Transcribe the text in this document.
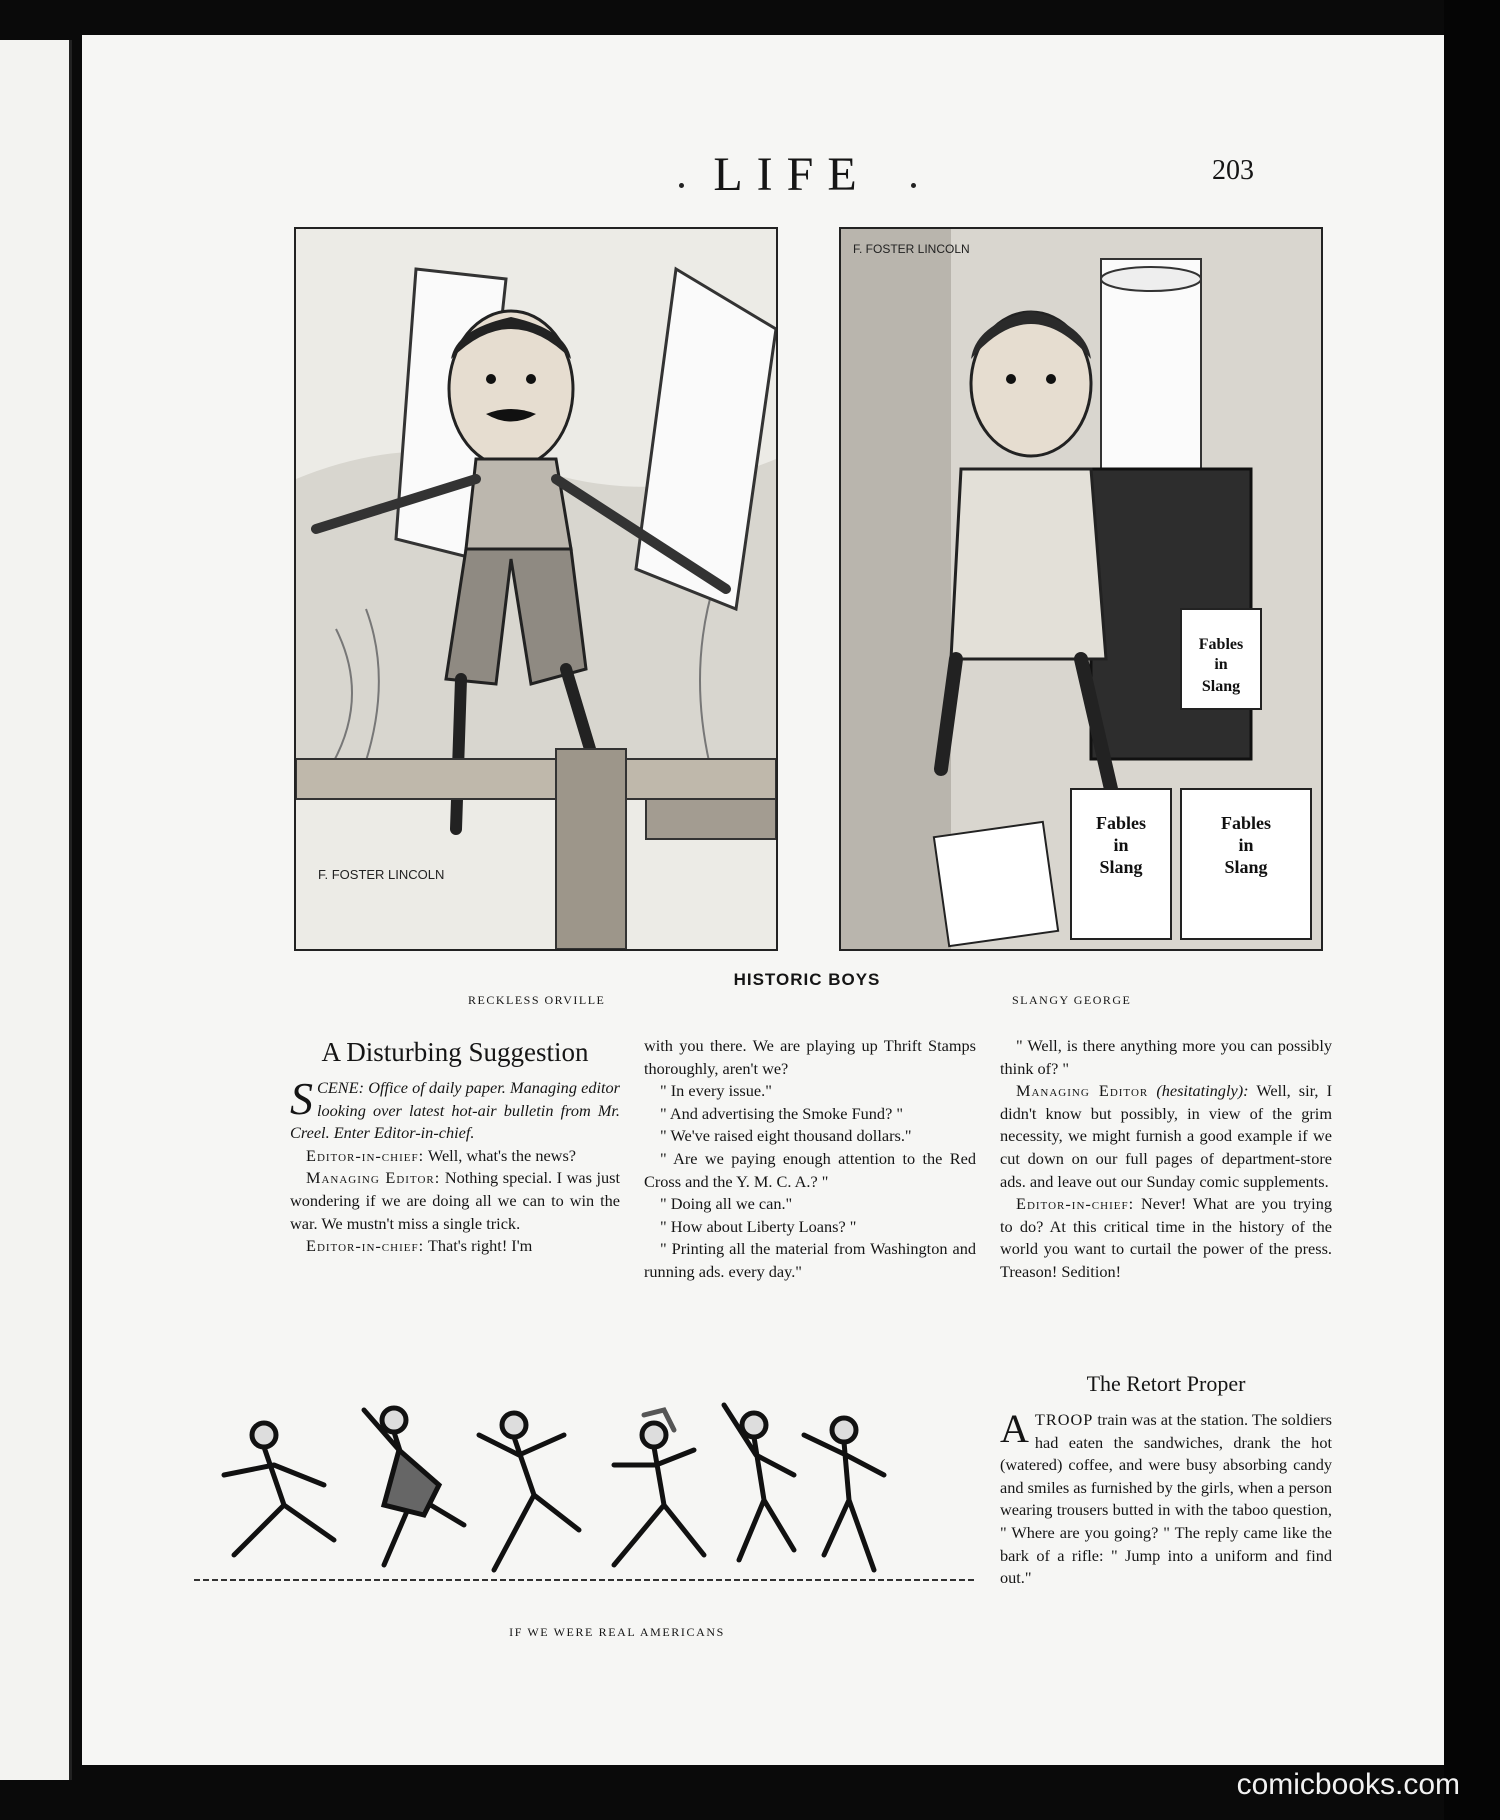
LIFE	203
F. FOSTER LINCOLN
Fables
in
Slang
Fables
in
Slang
Fables
in
Slang
F. FOSTER LINCOLN
HISTORIC BOYS
RECKLESS ORVILLE	SLANGY GEORGE
A Disturbing Suggestion

SCENE: Office of daily paper. Managing editor looking over latest hot-air bulletin from Mr. Creel. Enter Editor-in-chief.

Editor-in-chief: Well, what's the news?

Managing Editor: Nothing special. I was just wondering if we are doing all we can to win the war. We mustn't miss a single trick.

Editor-in-chief: That's right! I'm

with you there. We are playing up Thrift Stamps thoroughly, aren't we?

" In every issue."

" And advertising the Smoke Fund? "

" We've raised eight thousand dollars."

" Are we paying enough attention to the Red Cross and the Y. M. C. A.? "

" Doing all we can."

" How about Liberty Loans? "

" Printing all the material from Washington and running ads. every day."

" Well, is there anything more you can possibly think of? "

Managing Editor (hesitatingly): Well, sir, I didn't know but possibly, in view of the grim necessity, we might furnish a good example if we cut down on our full pages of department-store ads. and leave out our Sunday comic supplements.

Editor-in-chief: Never! What are you trying to do? At this critical time in the history of the world you want to curtail the power of the press. Treason! Sedition!

The Retort Proper
ATROOP train was at the station. The soldiers had eaten the sandwiches, drank the hot (watered) coffee, and were busy absorbing candy and smiles as furnished by the girls, when a person wearing trousers butted in with the taboo question, " Where are you going? " The reply came like the bark of a rifle: " Jump into a uniform and find out."
IF WE WERE REAL AMERICANS
comicbooks.com
